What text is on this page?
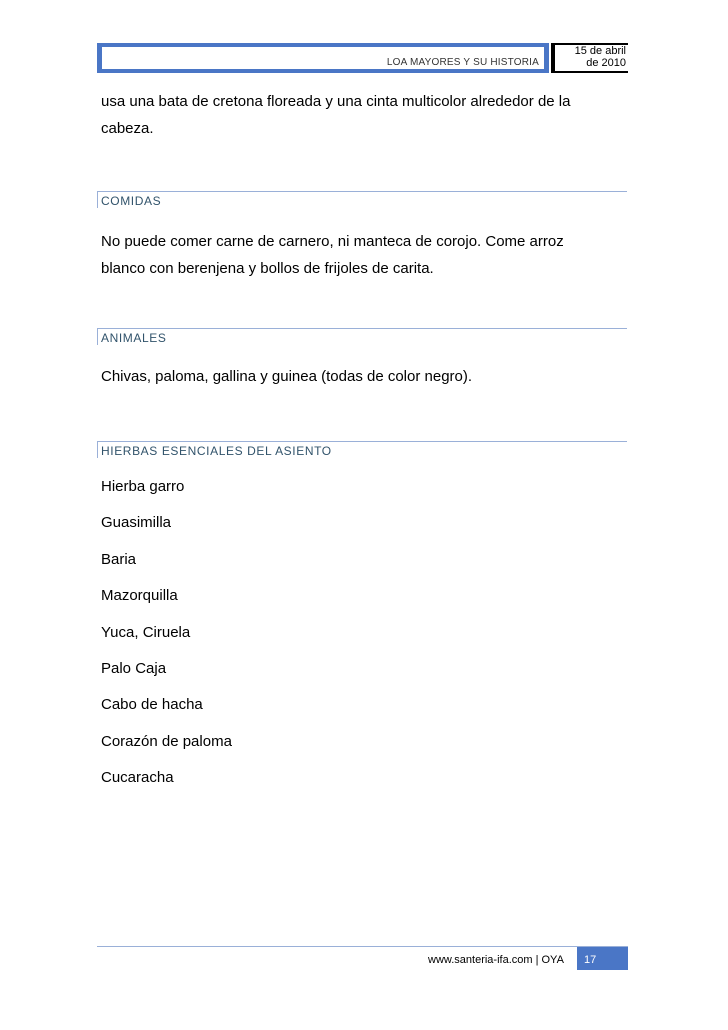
LOA MAYORES Y SU HISTORIA
15 de abril
de 2010
usa una bata de cretona floreada y una cinta multicolor alrededor de la
cabeza.
COMIDAS
No puede comer carne de carnero, ni manteca de corojo. Come arroz
blanco con berenjena y bollos de frijoles de carita.
ANIMALES
Chivas, paloma, gallina y guinea (todas de color negro).
HIERBAS ESENCIALES DEL ASIENTO
Hierba garro
Guasimilla
Baria
Mazorquilla
Yuca, Ciruela
Palo Caja
Cabo de hacha
Corazón de paloma
Cucaracha
www.santeria-ifa.com | OYA 17
